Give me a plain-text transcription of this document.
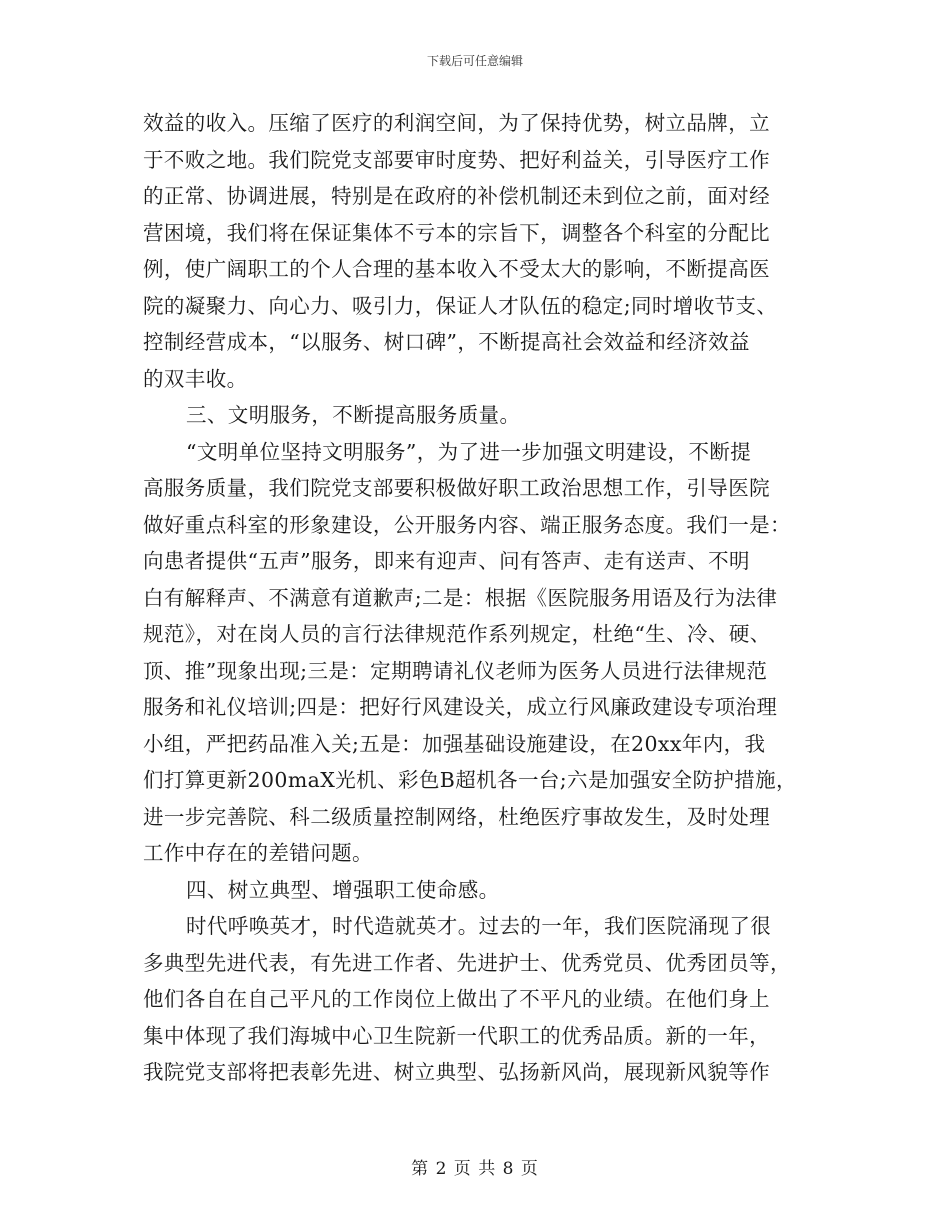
下载后可任意编辑
效益的收入。压缩了医疗的利润空间，为了保持优势，树立品牌，立
于不败之地。我们院党支部要审时度势、把好利益关，引导医疗工作
的正常、协调进展，特别是在政府的补偿机制还未到位之前，面对经
营困境，我们将在保证集体不亏本的宗旨下，调整各个科室的分配比
例，使广阔职工的个人合理的基本收入不受太大的影响，不断提高医
院的凝聚力、向心力、吸引力，保证人才队伍的稳定;同时增收节支、
控制经营成本，“以服务、树口碑”，不断提高社会效益和经济效益
的双丰收。
三、文明服务，不断提高服务质量。
“文明单位坚持文明服务”，为了进一步加强文明建设，不断提
高服务质量，我们院党支部要积极做好职工政治思想工作，引导医院
做好重点科室的形象建设，公开服务内容、端正服务态度。我们一是：
向患者提供“五声”服务，即来有迎声、问有答声、走有送声、不明
白有解释声、不满意有道歉声;二是：根据《医院服务用语及行为法律
规范》，对在岗人员的言行法律规范作系列规定，杜绝“生、冷、硬、
顶、推”现象出现;三是：定期聘请礼仪老师为医务人员进行法律规范
服务和礼仪培训;四是：把好行风建设关，成立行风廉政建设专项治理
小组，严把药品准入关;五是：加强基础设施建设，在20xx年内，我
们打算更新200maX光机、彩色B超机各一台;六是加强安全防护措施，
进一步完善院、科二级质量控制网络，杜绝医疗事故发生，及时处理
工作中存在的差错问题。
四、树立典型、增强职工使命感。
时代呼唤英才，时代造就英才。过去的一年，我们医院涌现了很
多典型先进代表，有先进工作者、先进护士、优秀党员、优秀团员等，
他们各自在自己平凡的工作岗位上做出了不平凡的业绩。在他们身上
集中体现了我们海城中心卫生院新一代职工的优秀品质。新的一年，
我院党支部将把表彰先进、树立典型、弘扬新风尚，展现新风貌等作
第 2 页 共 8 页
